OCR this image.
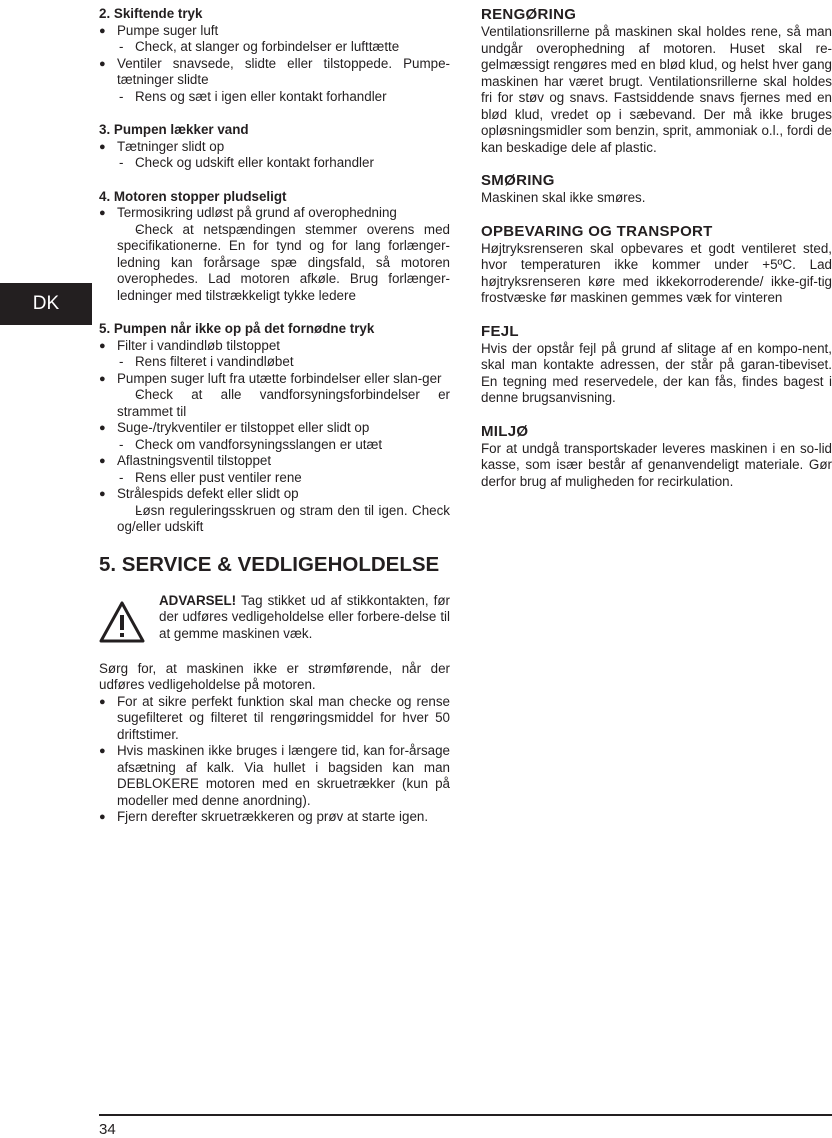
DK
2. Skiftende tryk
● Pumpe suger luft
- Check, at slanger og forbindelser er lufttætte
● Ventiler snavsede, slidte eller tilstoppede. Pumpe-tætninger slidte
- Rens og sæt i igen eller kontakt forhandler
3. Pumpen lækker vand
● Tætninger slidt op
- Check og udskift eller kontakt forhandler
4. Motoren stopper pludseligt
● Termosikring udløst på grund af overophedning
- Check at netspændingen stemmer overens med specifikationerne. En for tynd og for lang forlænger-ledning kan forårsage spæ dingsfald, så motoren overophedes. Lad motoren afkøle. Brug forlænger-ledninger med tilstrækkeligt tykke ledere
5. Pumpen når ikke op på det fornødne tryk
● Filter i vandindløb tilstoppet
- Rens filteret i vandindløbet
● Pumpen suger luft fra utætte forbindelser eller slan-ger
- Check at alle vandforsyningsforbindelser er strammet til
● Suge-/trykventiler er tilstoppet eller slidt op
- Check om vandforsyningsslangen er utæt
● Aflastningsventil tilstoppet
- Rens eller pust ventiler rene
● Strålespids defekt eller slidt op
- Løsn reguleringsskruen og stram den til igen. Check og/eller udskift
5. SERVICE & VEDLIGEHOLDELSE
ADVARSEL! Tag stikket ud af stikkontakten, før der udføres vedligeholdelse eller forbere-delse til at gemme maskinen væk.
Sørg for, at maskinen ikke er strømførende, når der udføres vedligeholdelse på motoren.
● For at sikre perfekt funktion skal man checke og rense sugefilteret og filteret til rengøringsmiddel for hver 50 driftstimer.
● Hvis maskinen ikke bruges i længere tid, kan for-årsage afsætning af kalk. Via hullet i bagsiden kan man DEBLOKERE motoren med en skruetrækker (kun på modeller med denne anordning).
● Fjern derefter skruetrækkeren og prøv at starte igen.
RENGØRING
Ventilationsrillerne på maskinen skal holdes rene, så man undgår overophedning af motoren. Huset skal re-gelmæssigt rengøres med en blød klud, og helst hver gang maskinen har været brugt. Ventilationsrillerne skal holdes fri for støv og snavs. Fastsiddende snavs fjernes med en blød klud, vredet op i sæbevand. Der må ikke bruges opløsningsmidler som benzin, sprit, ammoniak o.l., fordi de kan beskadige dele af plastic.
SMØRING
Maskinen skal ikke smøres.
OPBEVARING OG TRANSPORT
Højtryksrenseren skal opbevares et godt ventileret sted, hvor temperaturen ikke kommer under +5ºC. Lad højtryksrenseren køre med ikkekorroderende/ ikke-gif-tig frostvæske før maskinen gemmes væk for vinteren
FEJL
Hvis der opstår fejl på grund af slitage af en kompo-nent, skal man kontakte adressen, der står på garan-tibeviset. En tegning med reservedele, der kan fås, findes bagest i denne brugsanvisning.
MILJØ
For at undgå transportskader leveres maskinen i en so-lid kasse, som især består af genanvendeligt materiale. Gør derfor brug af muligheden for recirkulation.
34
